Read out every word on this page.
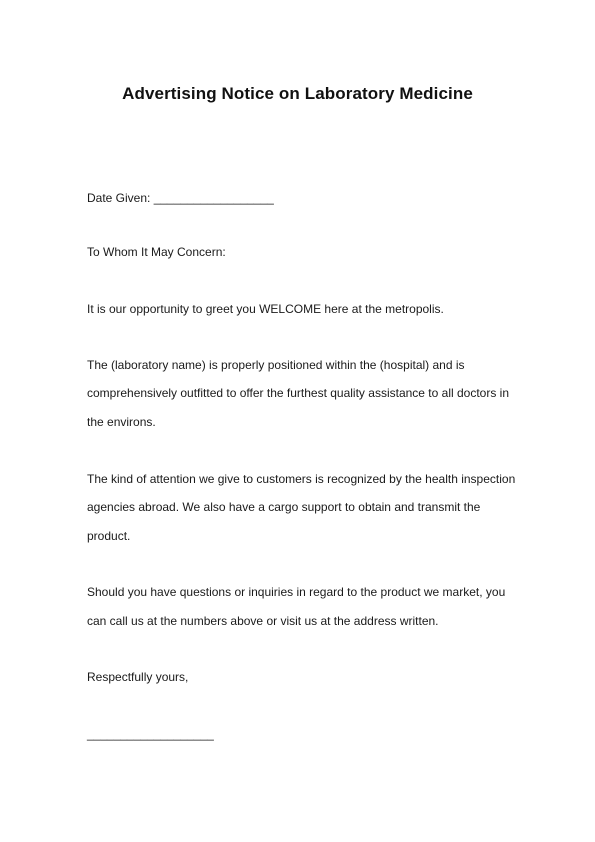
Advertising Notice on Laboratory Medicine
Date Given: __________________
To Whom It May Concern:
It is our opportunity to greet you WELCOME here at the metropolis.
The (laboratory name) is properly positioned within the (hospital) and is
comprehensively outfitted to offer the furthest quality assistance to all doctors in
the environs.
The kind of attention we give to customers is recognized by the health inspection
agencies abroad. We also have a cargo support to obtain and transmit the
product.
Should you have questions or inquiries in regard to the product we market, you
can call us at the numbers above or visit us at the address written.
Respectfully yours,
___________________
